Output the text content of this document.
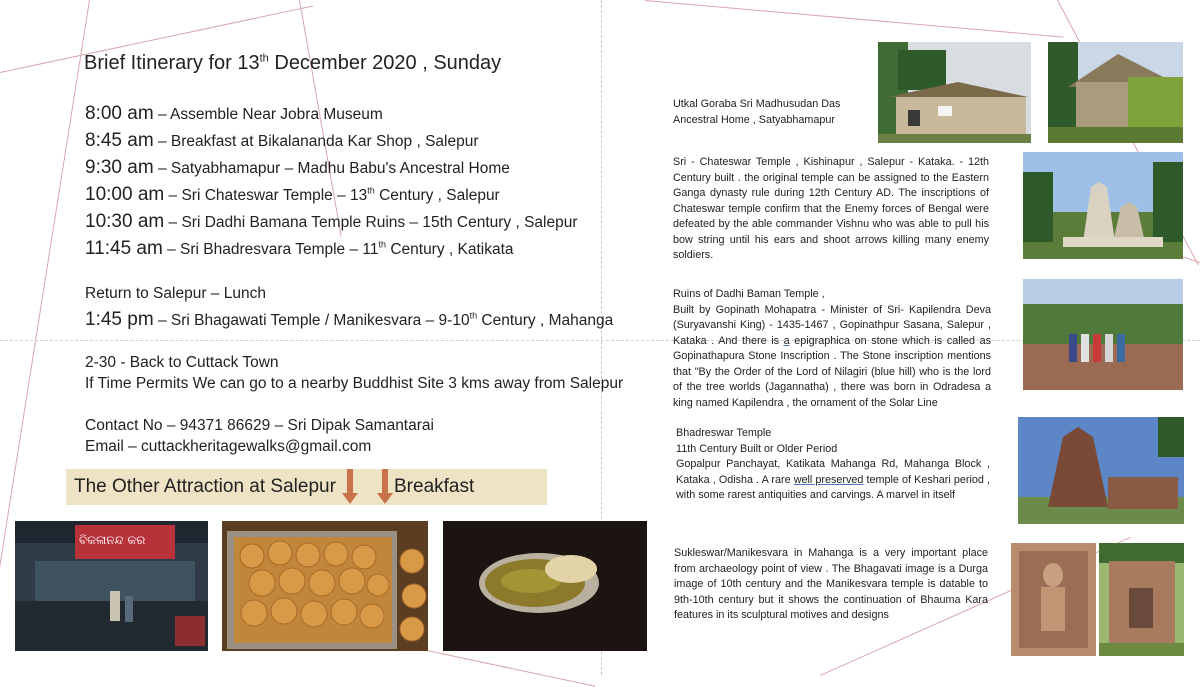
Brief Itinerary for 13th December 2020 , Sunday
8:00 am – Assemble Near Jobra Museum
8:45 am – Breakfast at Bikalananda Kar Shop , Salepur
9:30 am – Satyabhamapur – Madhu Babu's Ancestral Home
10:00 am – Sri Chateswar Temple – 13th Century , Salepur
10:30 am – Sri Dadhi Bamana Temple Ruins – 15th Century , Salepur
11:45 am – Sri Bhadresvara Temple – 11th Century , Katikata
Return to Salepur – Lunch
1:45 pm – Sri Bhagawati Temple / Manikesvara – 9-10th Century , Mahanga
2-30 - Back to Cuttack Town
If Time Permits We can go to a nearby Buddhist Site 3 kms away from Salepur
Contact No – 94371 86629 – Sri Dipak Samantarai
Email – cuttackheritagewalks@gmail.com
The Other Attraction at Salepur	Breakfast
ବିକଳାନନ୍ଦ କର

Utkal Goraba Sri Madhusudan Das

Ancestral Home , Satyabhamapur

Sri - Chateswar Temple , Kishinapur , Salepur - Kataka. - 12th Century built . the original temple can be assigned to the Eastern Ganga dynasty rule during 12th Century AD. The inscriptions of Chateswar temple confirm that the Enemy forces of Bengal were defeated by the able commander Vishnu who was able to pull his bow string until his ears and shoot arrows killing many enemy soldiers.

Ruins of Dadhi Baman Temple ,

Built by Gopinath Mohapatra - Minister of Sri- Kapilendra Deva (Suryavanshi King) - 1435-1467 , Gopinathpur Sasana, Salepur , Kataka . And there is a epigraphica on stone which is called as Gopinathapura Stone Inscription . The Stone inscription mentions that "By the Order of the Lord of Nilagiri (blue hill) who is the lord of the tree worlds (Jagannatha) , there was born in Odradesa a king named Kapilendra , the ornament of the Solar Line

Bhadreswar Temple

11th Century Built or Older Period

Gopalpur Panchayat, Katikata Mahanga Rd, Mahanga Block , Kataka , Odisha . A rare well preserved temple of Keshari period , with some rarest antiquities and carvings. A marvel in itself

Sukleswar/Manikesvara in Mahanga is a very important place from archaeology point of view . The Bhagavati image is a Durga image of 10th century and the Manikesvara temple is datable to 9th-10th century but it shows the continuation of Bhauma Kara features in its sculptural motives and designs
